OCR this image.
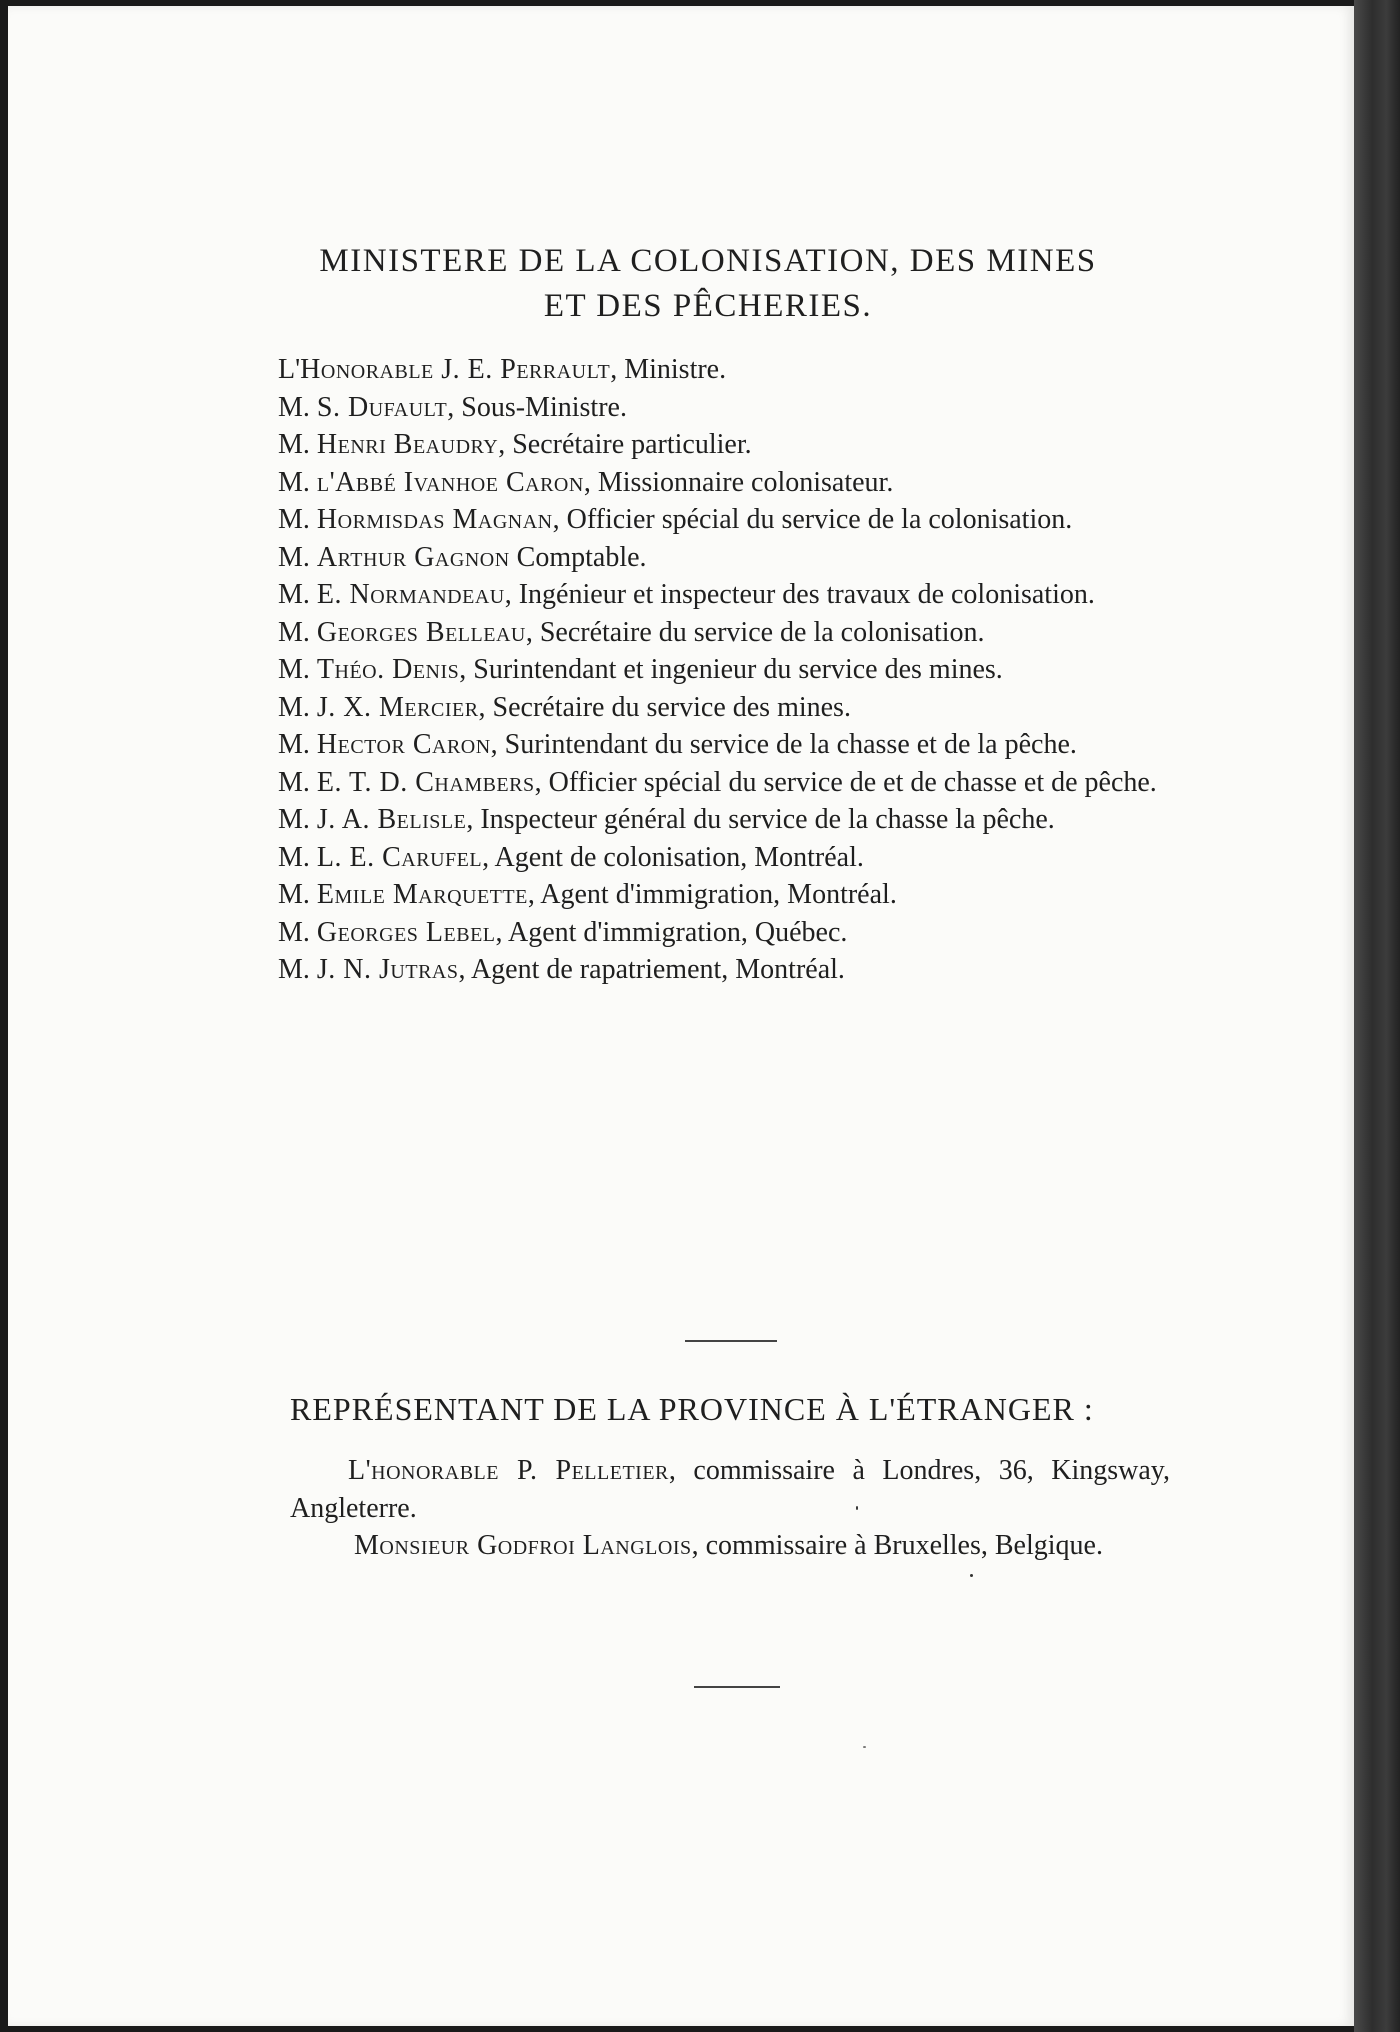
MINISTERE DE LA COLONISATION, DES MINES
ET DES PÊCHERIES.

L'Honorable J. E. Perrault, Ministre.

M. S. Dufault, Sous-Ministre.

M. Henri Beaudry, Secrétaire particulier.

M. l'Abbé Ivanhoe Caron, Missionnaire colonisateur.

M. Hormisdas Magnan, Officier spécial du service de la colonisation.

M. Arthur Gagnon Comptable.

M. E. Normandeau, Ingénieur et inspecteur des travaux de colonisation.

M. Georges Belleau, Secrétaire du service de la colonisation.

M. Théo. Denis, Surintendant et ingenieur du service des mines.

M. J. X. Mercier, Secrétaire du service des mines.

M. Hector Caron, Surintendant du service de la chasse et de la pêche.

M. E. T. D. Chambers, Officier spécial du service de et de chasse et de pêche.

M. J. A. Belisle, Inspecteur général du service de la chasse la pêche.

M. L. E. Carufel, Agent de colonisation, Montréal.

M. Emile Marquette, Agent d'immigration, Montréal.

M. Georges Lebel, Agent d'immigration, Québec.

M. J. N. Jutras, Agent de rapatriement, Montréal.

REPRÉSENTANT DE LA PROVINCE À L'ÉTRANGER :

L'honorable P. Pelletier, commissaire à Londres, 36, Kingsway, Angleterre.

Monsieur Godfroi Langlois, commissaire à Bruxelles, Belgique.
